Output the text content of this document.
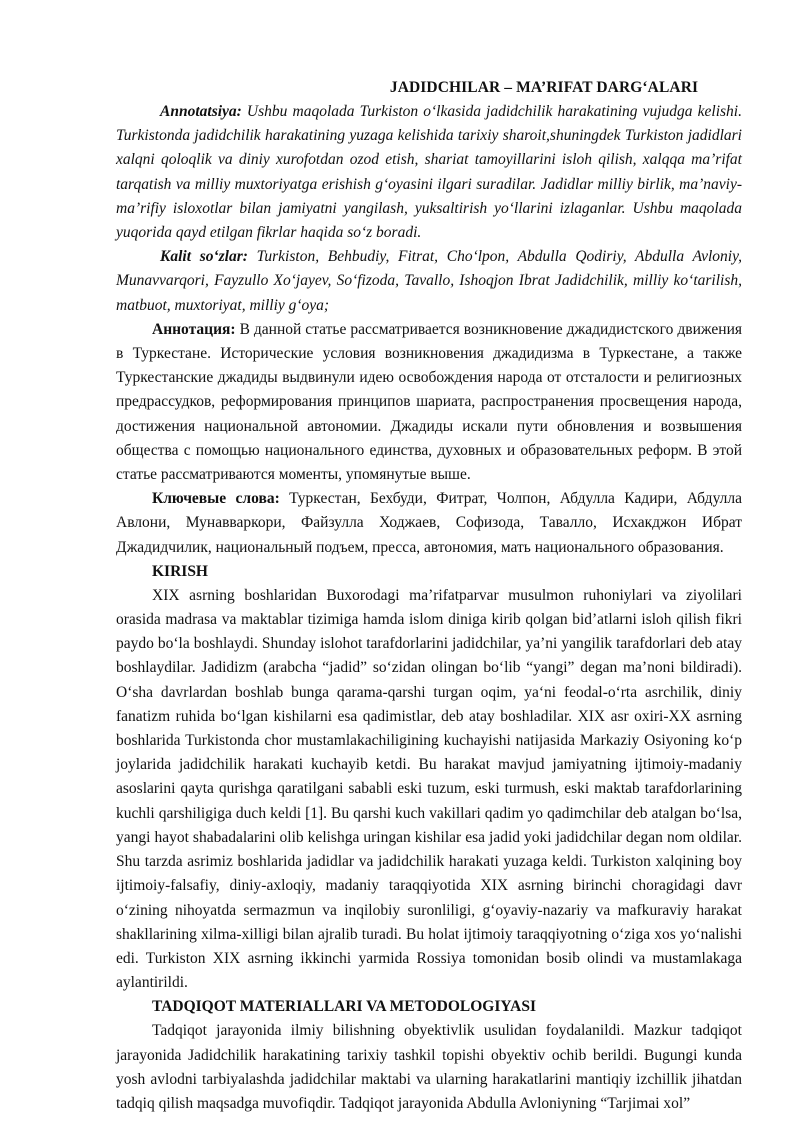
JADIDCHILAR – MA’RIFAT DARG‘ALARI

Annotatsiya: Ushbu maqolada Turkiston o‘lkasida jadidchilik harakatining vujudga kelishi. Turkistonda jadidchilik harakatining yuzaga kelishida tarixiy sharoit,shuningdek Turkiston jadidlari xalqni qoloqlik va diniy xurofotdan ozod etish, shariat tamoyillarini isloh qilish, xalqqa ma’rifat tarqatish va milliy muxtoriyatga erishish g‘oyasini ilgari suradilar. Jadidlar milliy birlik, ma’naviy-ma’rifiy isloxotlar bilan jamiyatni yangilash, yuksaltirish yo‘llarini izlaganlar. Ushbu maqolada yuqorida qayd etilgan fikrlar haqida so‘z boradi.

Kalit so‘zlar: Turkiston, Behbudiy, Fitrat, Cho‘lpon, Abdulla Qodiriy, Abdulla Avloniy, Munavvarqori, Fayzullo Xo‘jayev, So‘fizoda, Tavallo, Ishoqjon Ibrat Jadidchilik, milliy ko‘tarilish, matbuot, muxtoriyat, milliy g‘oya;

Аннотация: В данной статье рассматривается возникновение джадидистского движения в Туркестане. Исторические условия возникновения джадидизма в Туркестане, а также Туркестанские джадиды выдвинули идею освобождения народа от отсталости и религиозных предрассудков, реформирования принципов шариата, распространения просвещения народа, достижения национальной автономии. Джадиды искали пути обновления и возвышения общества с помощью национального единства, духовных и образовательных реформ. В этой статье рассматриваются моменты, упомянутые выше.

Ключевые слова: Туркестан, Бехбуди, Фитрат, Чолпон, Абдулла Кадири, Абдулла Авлони, Мунавваркори, Файзулла Ходжаев, Софизода, Тавалло, Исхакджон Ибрат Джадидчилик, национальный подъем, пресса, автономия, мать национального образования.

KIRISH

XIX asrning boshlaridan Buxorodagi ma’rifatparvar musulmon ruhoniylari va ziyolilari orasida madrasa va maktablar tizimiga hamda islom diniga kirib qolgan bid’atlarni isloh qilish fikri paydo bo‘la boshlaydi. Shunday islohot tarafdorlarini jadidchilar, ya’ni yangilik tarafdorlari deb atay boshlaydilar. Jadidizm (arabcha “jadid” so‘zidan olingan bo‘lib “yangi” degan ma’noni bildiradi). O‘sha davrlardan boshlab bunga qarama-qarshi turgan oqim, ya‘ni feodal-o‘rta asrchilik, diniy fanatizm ruhida bo‘lgan kishilarni esa qadimistlar, deb atay boshladilar. XIX asr oxiri-XX asrning boshlarida Turkistonda chor mustamlakachiligining kuchayishi natijasida Markaziy Osiyoning ko‘p joylarida jadidchilik harakati kuchayib ketdi. Bu harakat mavjud jamiyatning ijtimoiy-madaniy asoslarini qayta qurishga qaratilgani sababli eski tuzum, eski turmush, eski maktab tarafdorlarining kuchli qarshiligiga duch keldi [1]. Bu qarshi kuch vakillari qadim yo qadimchilar deb atalgan bo‘lsa, yangi hayot shabadalarini olib kelishga uringan kishilar esa jadid yoki jadidchilar degan nom oldilar. Shu tarzda asrimiz boshlarida jadidlar va jadidchilik harakati yuzaga keldi. Turkiston xalqining boy ijtimoiy-falsafiy, diniy-axloqiy, madaniy taraqqiyotida XIX asrning birinchi choragidagi davr o‘zining nihoyatda sermazmun va inqilobiy suronliligi, g‘oyaviy-nazariy va mafkuraviy harakat shakllarining xilma-xilligi bilan ajralib turadi. Bu holat ijtimoiy taraqqiyotning o‘ziga xos yo‘nalishi edi. Turkiston XIX asrning ikkinchi yarmida Rossiya tomonidan bosib olindi va mustamlakaga aylantirildi.

TADQIQOT MATERIALLARI VA METODOLOGIYASI

Tadqiqot jarayonida ilmiy bilishning obyektivlik usulidan foydalanildi. Mazkur tadqiqot jarayonida Jadidchilik harakatining tarixiy tashkil topishi obyektiv ochib berildi. Bugungi kunda yosh avlodni tarbiyalashda jadidchilar maktabi va ularning harakatlarini mantiqiy izchillik jihatdan tadqiq qilish maqsadga muvofiqdir. Tadqiqot jarayonida Abdulla Avloniyning “Tarjimai xol”
